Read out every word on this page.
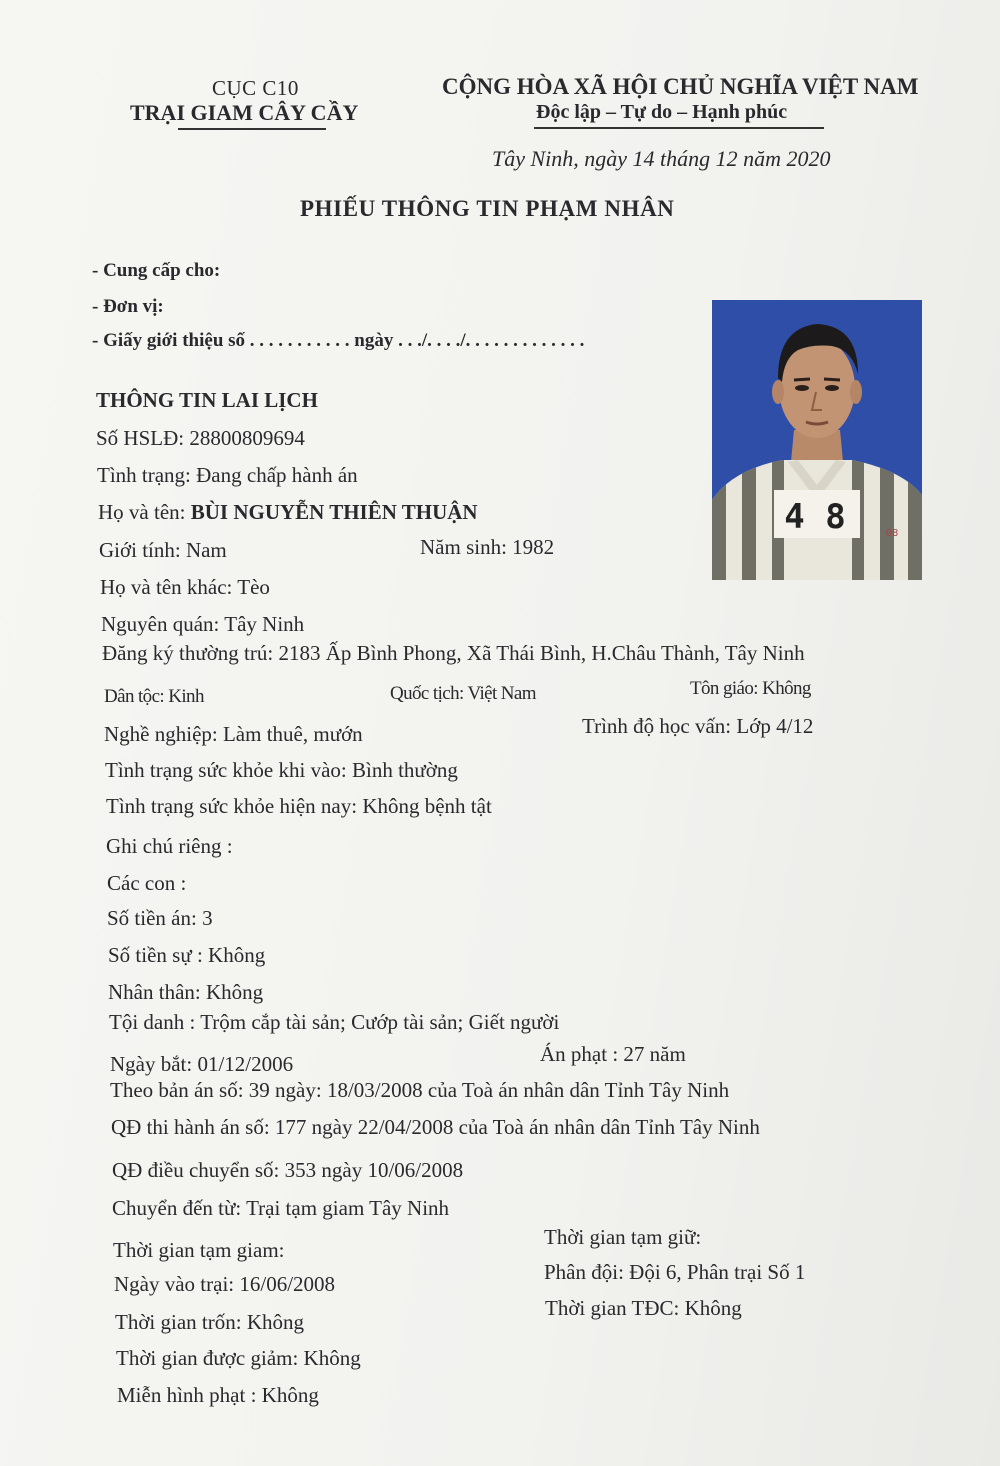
CỤC C10
TRẠI GIAM CÂY CẦY
CỘNG HÒA XÃ HỘI CHỦ NGHĨA VIỆT NAM
Độc lập – Tự do – Hạnh phúc
Tây Ninh, ngày 14 tháng 12 năm 2020
PHIẾU THÔNG TIN PHẠM NHÂN
- Cung cấp cho:
- Đơn vị:
- Giấy giới thiệu số . . . . . . . . . . . ngày . . ./. . . ./. . . . . . . . . . . . .
4 8	08
THÔNG TIN LAI LỊCH
Số HSLĐ: 28800809694
Tình trạng: Đang chấp hành án
Họ và tên: BÙI NGUYỄN THIÊN THUẬN
Giới tính: Nam	Năm sinh: 1982
Họ và tên khác: Tèo
Nguyên quán: Tây Ninh
Đăng ký thường trú: 2183 Ấp Bình Phong, Xã Thái Bình, H.Châu Thành, Tây Ninh
Dân tộc: Kinh	Quốc tịch: Việt Nam	Tôn giáo: Không
Nghề nghiệp: Làm thuê, mướn	Trình độ học vấn: Lớp 4/12
Tình trạng sức khỏe khi vào: Bình thường
Tình trạng sức khỏe hiện nay: Không bệnh tật
Ghi chú riêng :
Các con :
Số tiền án: 3
Số tiền sự : Không
Nhân thân: Không
Tội danh : Trộm cắp tài sản; Cướp tài sản; Giết người
Ngày bắt: 01/12/2006	Án phạt : 27 năm
Theo bản án số: 39 ngày: 18/03/2008 của Toà án nhân dân Tỉnh Tây Ninh
QĐ thi hành án số: 177 ngày 22/04/2008 của Toà án nhân dân Tỉnh Tây Ninh
QĐ điều chuyển số: 353 ngày 10/06/2008
Chuyển đến từ: Trại tạm giam Tây Ninh
Thời gian tạm giam:
Thời gian tạm giữ:
Ngày vào trại: 16/06/2008	Phân đội: Đội 6, Phân trại Số 1
Thời gian trốn: Không
Thời gian TĐC: Không
Thời gian được giảm: Không
Miễn hình phạt : Không
